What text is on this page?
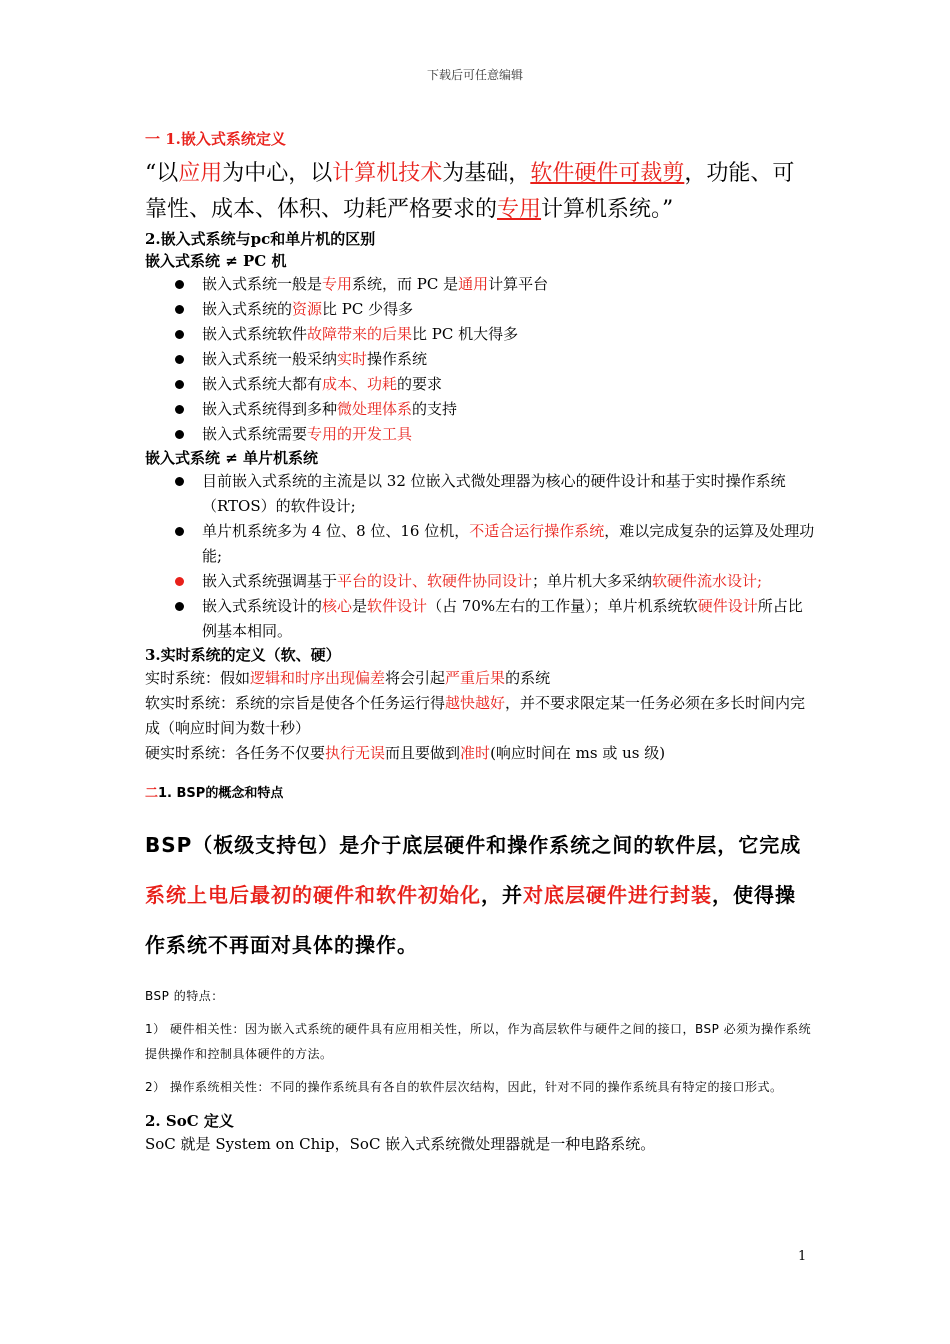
下载后可任意编辑

一 1.嵌入式系统定义

“以应用为中心，以计算机技术为基础，软件硬件可裁剪，功能、可靠性、成本、体积、功耗严格要求的专用计算机系统。”

2.嵌入式系统与pc和单片机的区别

嵌入式系统 ≠ PC 机

嵌入式系统一般是专用系统，而 PC 是通用计算平台
嵌入式系统的资源比 PC 少得多
嵌入式系统软件故障带来的后果比 PC 机大得多
嵌入式系统一般采纳实时操作系统
嵌入式系统大都有成本、功耗的要求
嵌入式系统得到多种微处理体系的支持
嵌入式系统需要专用的开发工具

嵌入式系统 ≠ 单片机系统

目前嵌入式系统的主流是以 32 位嵌入式微处理器为核心的硬件设计和基于实时操作系统（RTOS）的软件设计;
单片机系统多为 4 位、8 位、16 位机，不适合运行操作系统，难以完成复杂的运算及处理功能;
嵌入式系统强调基于平台的设计、软硬件协同设计；单片机大多采纳软硬件流水设计;
嵌入式系统设计的核心是软件设计（占 70%左右的工作量）；单片机系统软硬件设计所占比例基本相同。

3.实时系统的定义（软、硬）

实时系统：假如逻辑和时序出现偏差将会引起严重后果的系统

软实时系统：系统的宗旨是使各个任务运行得越快越好，并不要求限定某一任务必须在多长时间内完成（响应时间为数十秒）

硬实时系统：各任务不仅要执行无误而且要做到准时(响应时间在 ms 或 us 级)

二1. BSP的概念和特点

BSP（板级支持包）是介于底层硬件和操作系统之间的软件层，它完成系统上电后最初的硬件和软件初始化，并对底层硬件进行封装，使得操作系统不再面对具体的操作。

BSP 的特点：

1） 硬件相关性：因为嵌入式系统的硬件具有应用相关性，所以，作为高层软件与硬件之间的接口，BSP 必须为操作系统提供操作和控制具体硬件的方法。

2） 操作系统相关性：不同的操作系统具有各自的软件层次结构，因此，针对不同的操作系统具有特定的接口形式。

2. SoC 定义

SoC 就是 System on Chip，SoC 嵌入式系统微处理器就是一种电路系统。

1
